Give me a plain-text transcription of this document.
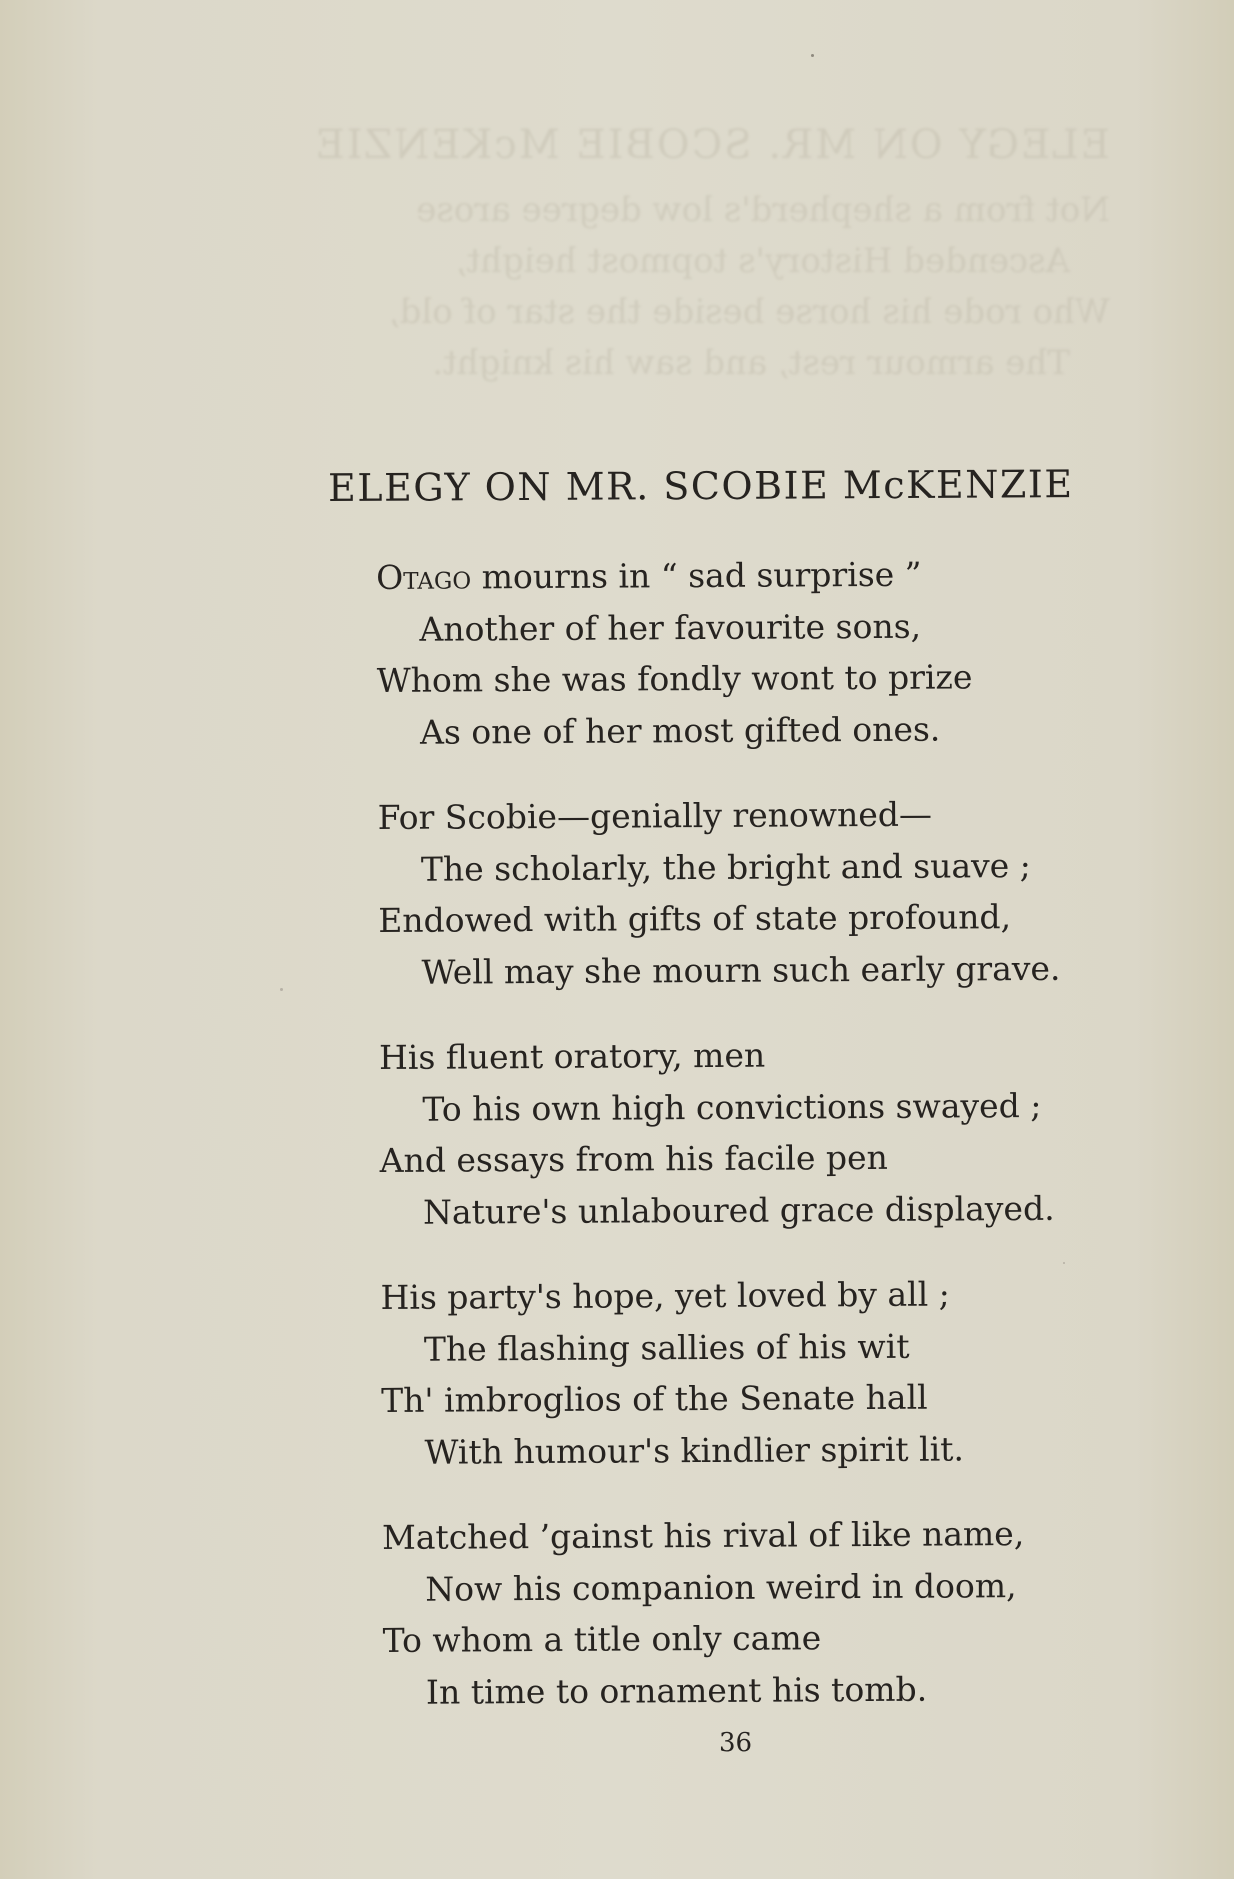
ELEGY ON MR. SCOBIE McKENZIE
Not from a shepherd's low degree arose
Ascended History's topmost height,
Who rode his horse beside the star of old,
The armour rest, and saw his knight.
ELEGY ON MR. SCOBIE McKENZIE
Otago mourns in “ sad surprise ”
Another of her favourite sons,
Whom she was fondly wont to prize
As one of her most gifted ones.
For Scobie—genially renowned—
The scholarly, the bright and suave ;
Endowed with gifts of state profound,
Well may she mourn such early grave.
His fluent oratory, men
To his own high convictions swayed ;
And essays from his facile pen
Nature's unlaboured grace displayed.
His party's hope, yet loved by all ;
The flashing sallies of his wit
Th' imbroglios of the Senate hall
With humour's kindlier spirit lit.
Matched ’gainst his rival of like name,
Now his companion weird in doom,
To whom a title only came
In time to ornament his tomb.
36
